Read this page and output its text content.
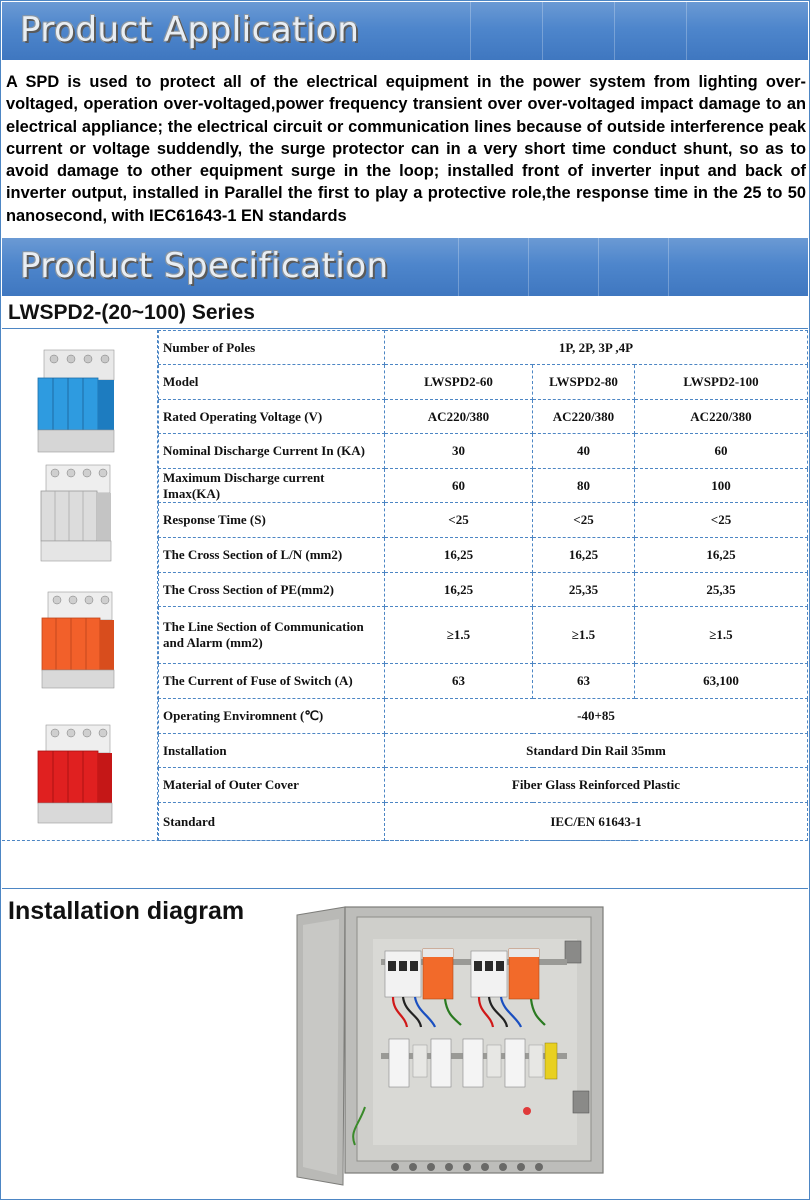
Product Application

A SPD is used to protect all of the electrical equipment in the power system from lighting over-voltaged, operation over-voltaged,power frequency transient over over-voltaged impact damage to an electrical appliance; the electrical circuit or communication lines because of outside interference peak current or voltage suddendly, the surge protector can in a very short time conduct shunt, so as to avoid damage to other equipment surge in the loop; installed front of inverter input and back of inverter output, installed in Parallel the first to play a protective role,the response time in the 25 to 50 nanosecond, with IEC61643-1 EN standards

Product Specification
LWSPD2-(20~100) Series
Number of Poles	1P, 2P, 3P ,4P		
Model	LWSPD2-60	LWSPD2-80	LWSPD2-100
Rated Operating Voltage (V)	AC220/380	AC220/380	AC220/380
Nominal Discharge Current In (KA)	30	40	60
Maximum Discharge current Imax(KA)	60	80	100
Response Time (S)	<25	<25	<25
The Cross Section of L/N (mm2)	16,25	16,25	16,25
The Cross Section of PE(mm2)	16,25	25,35	25,35
The Line Section of Communication and Alarm (mm2)	≥1.5	≥1.5	≥1.5
The Current of Fuse of Switch (A)	63	63	63,100
Operating Enviromnent (℃)	-40+85		
Installation	Standard Din Rail 35mm		
Material of Outer Cover	Fiber Glass Reinforced Plastic		
Standard	IEC/EN 61643-1		
Installation diagram
